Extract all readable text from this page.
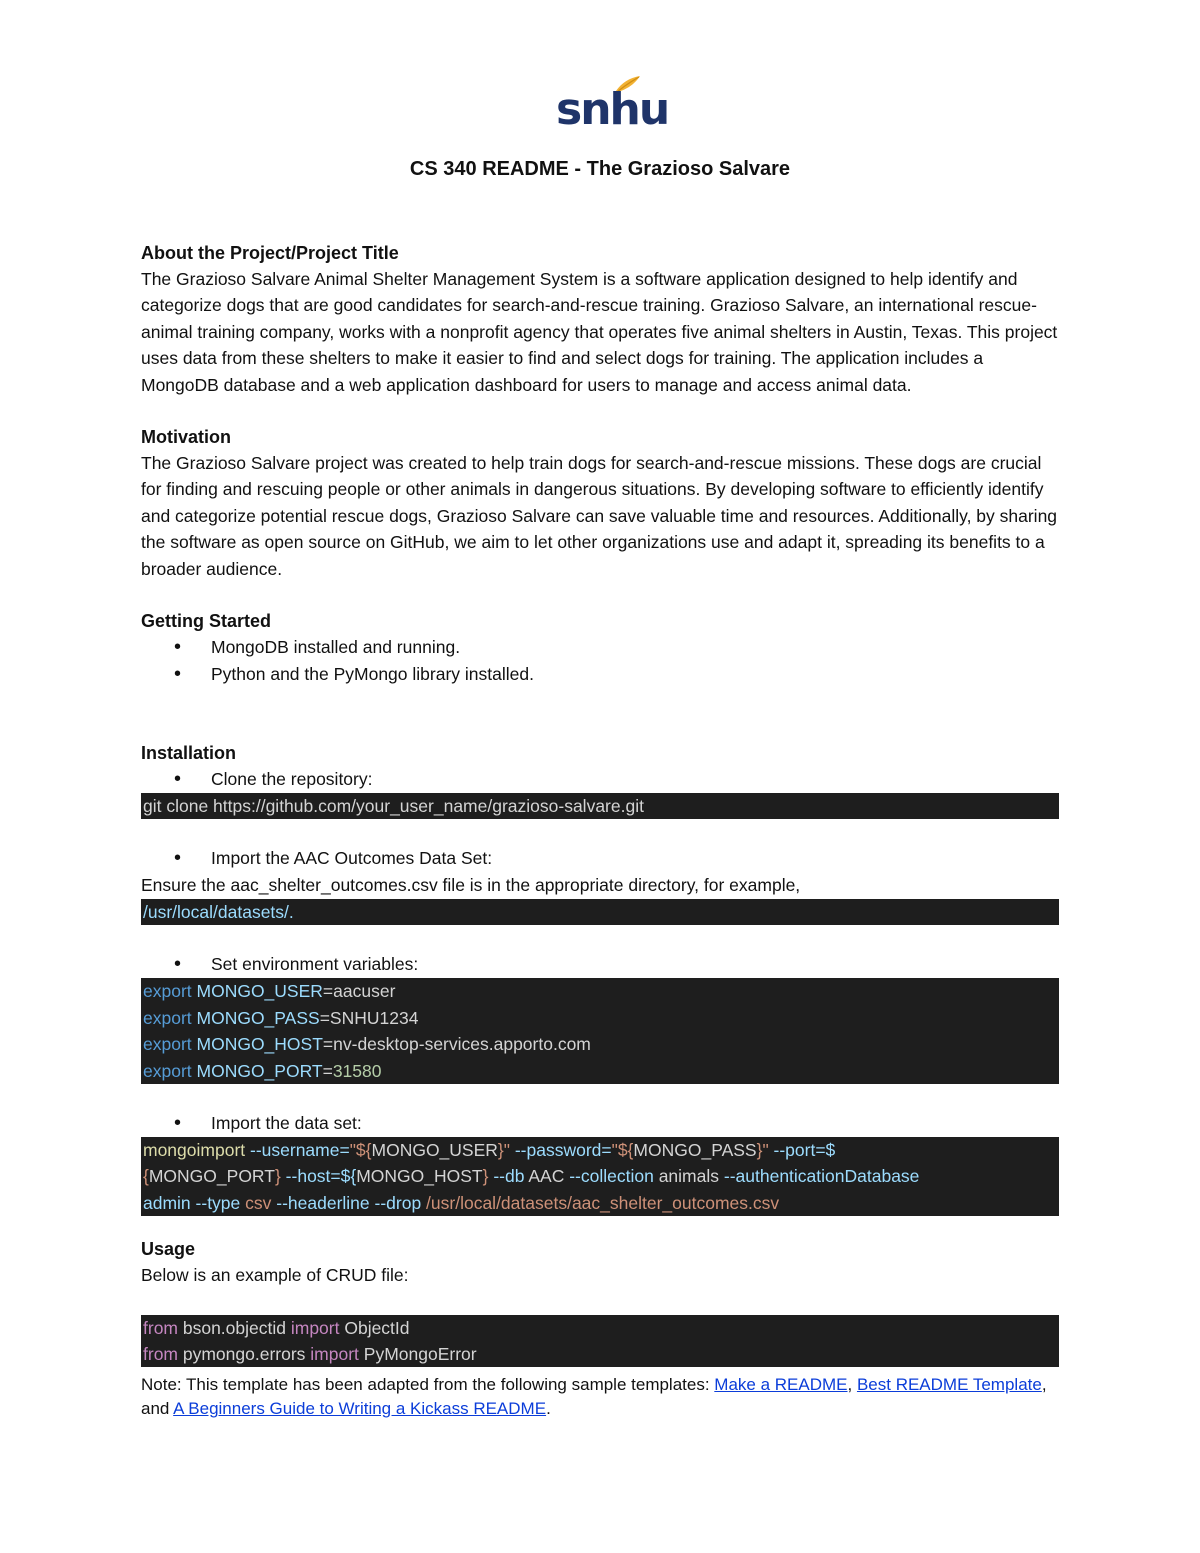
snhu
CS 340 README - The Grazioso Salvare
About the Project/Project Title

The Grazioso Salvare Animal Shelter Management System is a software application designed to help identify and categorize dogs that are good candidates for search-and-rescue training. Grazioso Salvare, an international rescue-animal training company, works with a nonprofit agency that operates five animal shelters in Austin, Texas. This project uses data from these shelters to make it easier to find and select dogs for training. The application includes a MongoDB database and a web application dashboard for users to manage and access animal data.

Motivation

The Grazioso Salvare project was created to help train dogs for search-and-rescue missions. These dogs are crucial for finding and rescuing people or other animals in dangerous situations. By developing software to efficiently identify and categorize potential rescue dogs, Grazioso Salvare can save valuable time and resources. Additionally, by sharing the software as open source on GitHub, we aim to let other organizations use and adapt it, spreading its benefits to a broader audience.

Getting Started
• MongoDB installed and running.
• Python and the PyMongo library installed.
Installation
• Clone the repository:
git clone https://github.com/your_user_name/grazioso-salvare.git
• Import the AAC Outcomes Data Set:

Ensure the aac_shelter_outcomes.csv file is in the appropriate directory, for example,

/usr/local/datasets/.
• Set environment variables:
export MONGO_USER=aacuser
export MONGO_PASS=SNHU1234
export MONGO_HOST=nv-desktop-services.apporto.com
export MONGO_PORT=31580
• Import the data set:
mongoimport --username="${MONGO_USER}" --password="${MONGO_PASS}" --port=$
{MONGO_PORT} --host=${MONGO_HOST} --db AAC --collection animals --authenticationDatabase
admin --type csv --headerline --drop /usr/local/datasets/aac_shelter_outcomes.csv
Usage

Below is an example of CRUD file:

from bson.objectid import ObjectId
from pymongo.errors import PyMongoError
Note: This template has been adapted from the following sample templates: Make a README, Best README Template, and A Beginners Guide to Writing a Kickass README.
